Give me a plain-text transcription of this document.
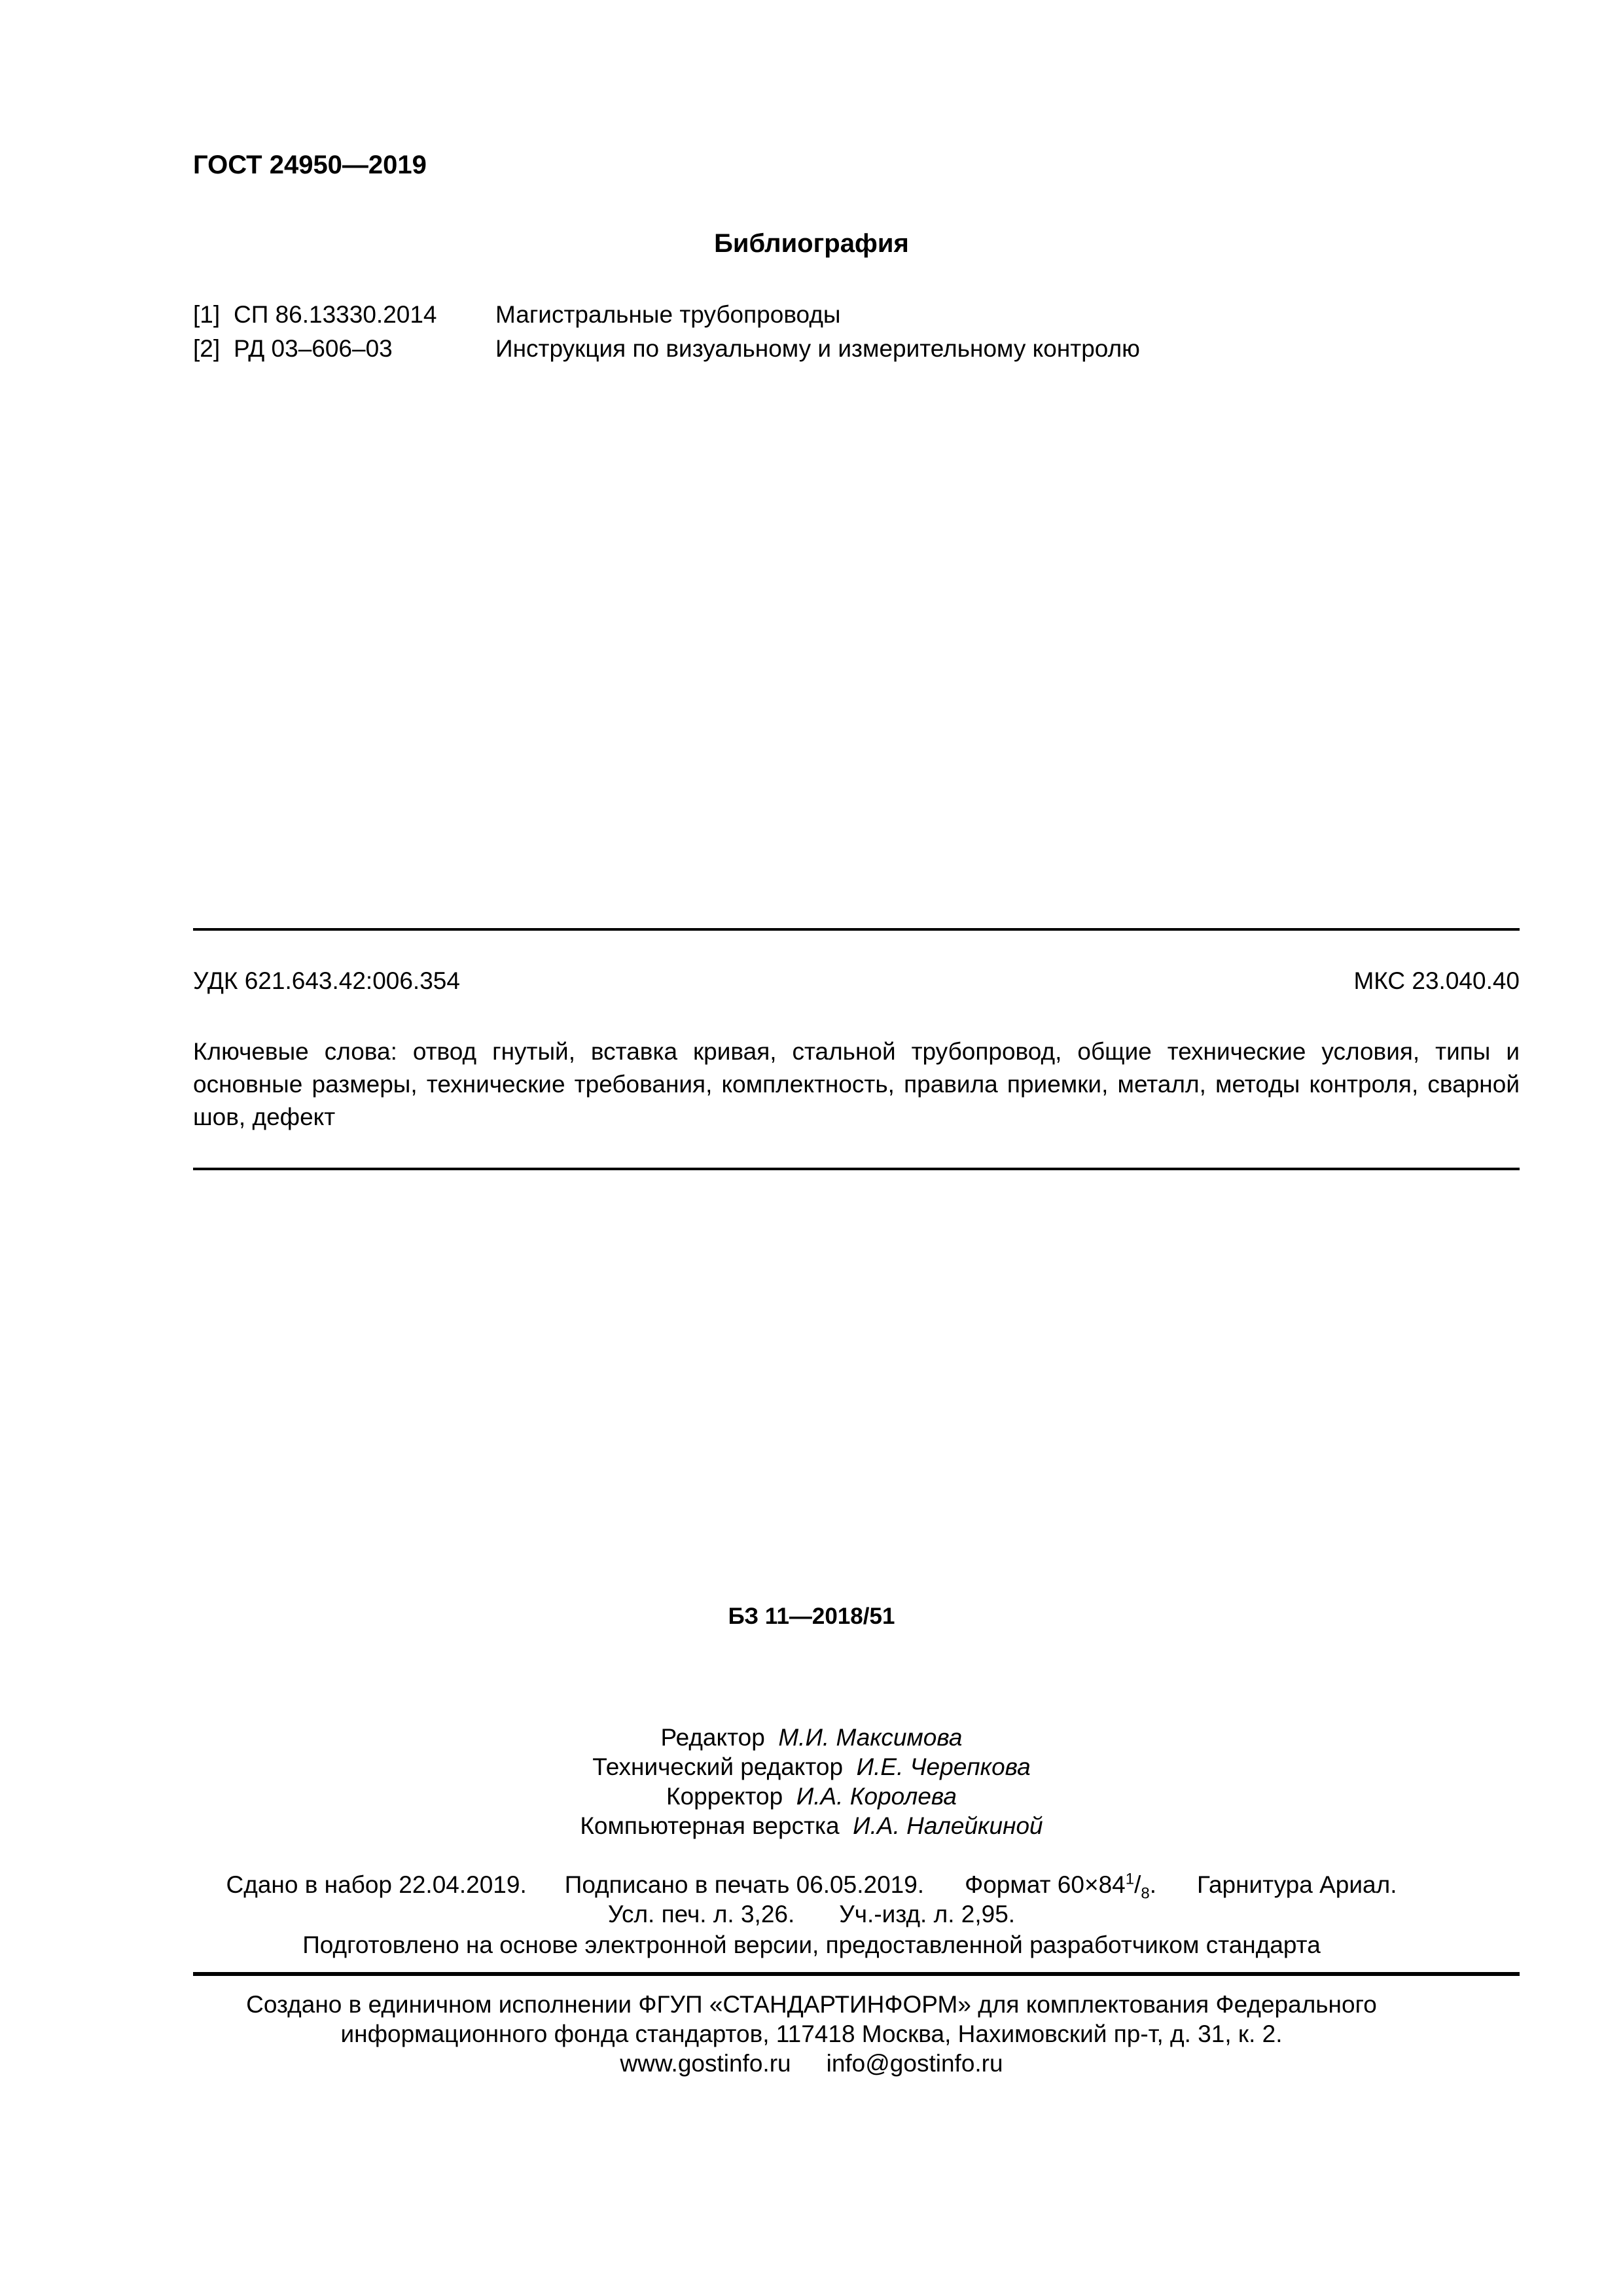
ГОСТ 24950—2019
Библиография
[1] СП 86.13330.2014 Магистральные трубопроводы
[2] РД 03–606–03	Инструкция по визуальному и измерительному контролю
УДК 621.643.42:006.354	МКС 23.040.40
Ключевые слова: отвод гнутый, вставка кривая, стальной трубопровод, общие технические условия, типы и основные размеры, технические требования, комплектность, правила приемки, металл, методы контроля, сварной шов, дефект
БЗ 11—2018/51
Редактор М.И. Максимова
Технический редактор И.Е. Черепкова
Корректор И.А. Королева
Компьютерная верстка И.А. Налейкиной
Сдано в набор 22.04.2019. Подписано в печать 06.05.2019. Формат $60\times 84^1/_8$. Гарнитура Ариал.
Усл. печ. л. 3,26. Уч.-изд. л. 2,95.
Подготовлено на основе электронной версии, предоставленной разработчиком стандарта
Создано в единичном исполнении ФГУП «СТАНДАРТИНФОРМ» для комплектования Федерального
информационного фонда стандартов, 117418 Москва, Нахимовский пр-т, д. 31, к. 2.
www.gostinfo.ru info@gostinfo.ru
